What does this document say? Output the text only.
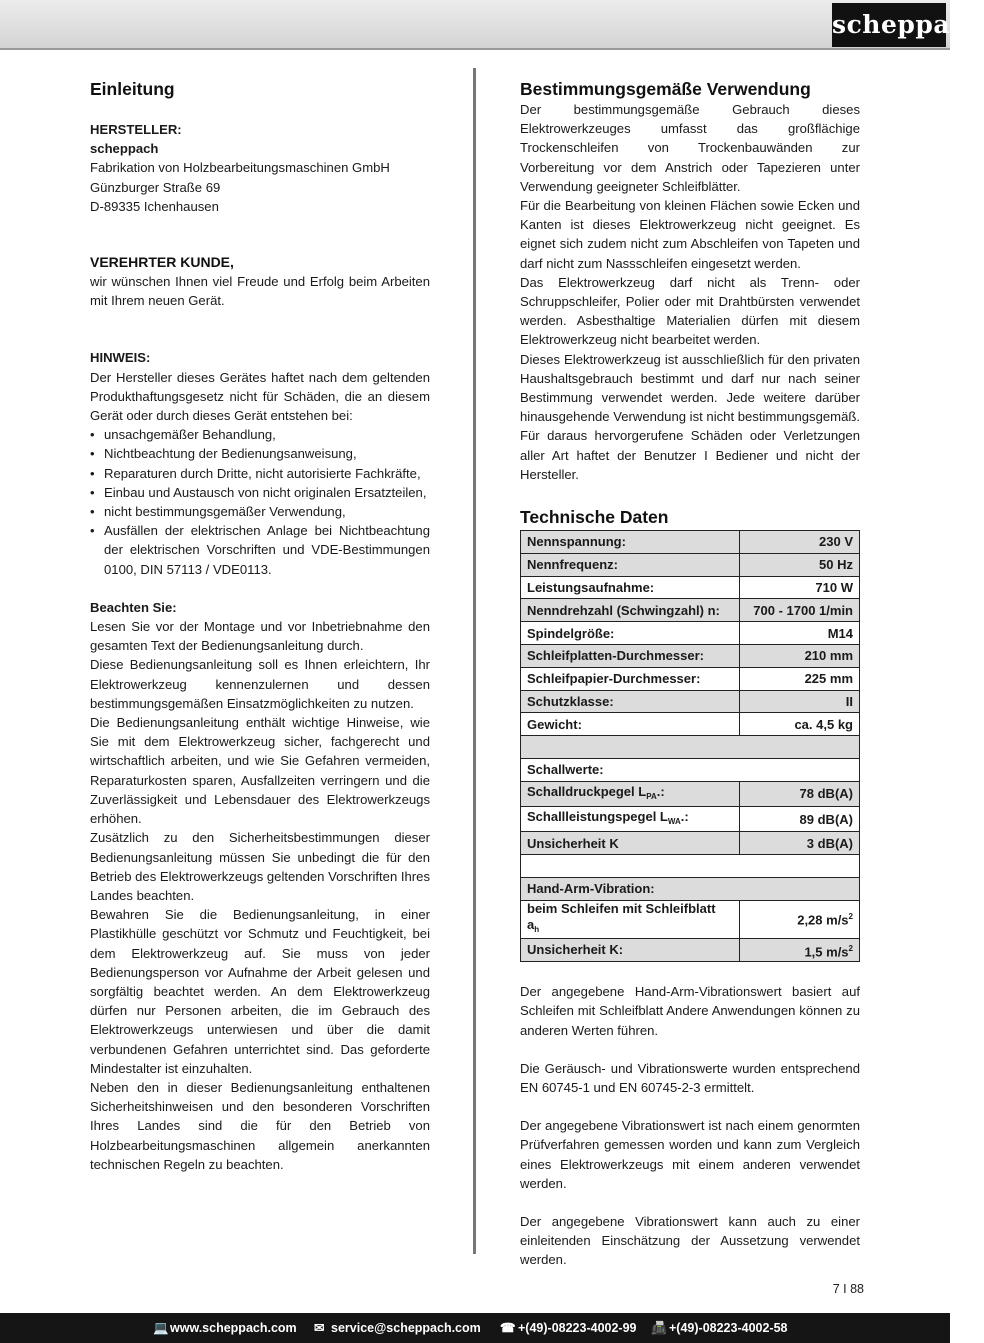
scheppach
Einleitung

HERSTELLER:

scheppach

Fabrikation von Holzbearbeitungsmaschinen GmbH

Günzburger Straße 69

D-89335 Ichenhausen

VEREHRTER KUNDE,

wir wünschen Ihnen viel Freude und Erfolg beim Arbeiten mit Ihrem neuen Gerät.

HINWEIS:

Der Hersteller dieses Gerätes haftet nach dem geltenden Produkthaftungsgesetz nicht für Schäden, die an diesem Gerät oder durch dieses Gerät entstehen bei:

• unsachgemäßer Behandlung,
• Nichtbeachtung der Bedienungsanweisung,
• Reparaturen durch Dritte, nicht autorisierte Fachkräfte,
• Einbau und Austausch von nicht originalen Ersatzteilen,
• nicht bestimmungsgemäßer Verwendung,
• Ausfällen der elektrischen Anlage bei Nichtbeachtung der elektrischen Vorschriften und VDE-Bestimmungen 0100, DIN 57113 / VDE0113.

Beachten Sie:

Lesen Sie vor der Montage und vor Inbetriebnahme den gesamten Text der Bedienungsanleitung durch.

Diese Bedienungsanleitung soll es Ihnen erleichtern, Ihr Elektrowerkzeug kennenzulernen und dessen bestimmungsgemäßen Einsatzmöglichkeiten zu nutzen.

Die Bedienungsanleitung enthält wichtige Hinweise, wie Sie mit dem Elektrowerkzeug sicher, fachgerecht und wirtschaftlich arbeiten, und wie Sie Gefahren vermeiden, Reparaturkosten sparen, Ausfallzeiten verringern und die Zuverlässigkeit und Lebensdauer des Elektrowerkzeugs erhöhen.

Zusätzlich zu den Sicherheitsbestimmungen dieser Bedienungsanleitung müssen Sie unbedingt die für den Betrieb des Elektrowerkzeugs geltenden Vorschriften Ihres Landes beachten.

Bewahren Sie die Bedienungsanleitung, in einer Plastikhülle geschützt vor Schmutz und Feuchtigkeit, bei dem Elektrowerkzeug auf. Sie muss von jeder Bedienungsperson vor Aufnahme der Arbeit gelesen und sorgfältig beachtet werden. An dem Elektrowerkzeug dürfen nur Personen arbeiten, die im Gebrauch des Elektrowerkzeugs unterwiesen und über die damit verbundenen Gefahren unterrichtet sind. Das geforderte Mindestalter ist einzuhalten.

Neben den in dieser Bedienungsanleitung enthaltenen Sicherheitshinweisen und den besonderen Vorschriften Ihres Landes sind die für den Betrieb von Holzbearbeitungsmaschinen allgemein anerkannten technischen Regeln zu beachten.

Bestimmungsgemäße Verwendung

Der bestimmungsgemäße Gebrauch dieses Elektrowerkzeuges umfasst das großflächige Trockenschleifen von Trockenbauwänden zur Vorbereitung vor dem Anstrich oder Tapezieren unter Verwendung geeigneter Schleifblätter.

Für die Bearbeitung von kleinen Flächen sowie Ecken und Kanten ist dieses Elektrowerkzeug nicht geeignet. Es eignet sich zudem nicht zum Abschleifen von Tapeten und darf nicht zum Nassschleifen eingesetzt werden.

Das Elektrowerkzeug darf nicht als Trenn- oder Schruppschleifer, Polier oder mit Drahtbürsten verwendet werden. Asbesthaltige Materialien dürfen mit diesem Elektrowerkzeug nicht bearbeitet werden.

Dieses Elektrowerkzeug ist ausschließlich für den privaten Haushaltsgebrauch bestimmt und darf nur nach seiner Bestimmung verwendet werden. Jede weitere darüber hinausgehende Verwendung ist nicht bestimmungsgemäß. Für daraus hervorgerufene Schäden oder Verletzungen aller Art haftet der Benutzer I Bediener und nicht der Hersteller.

Technische Daten
Nennspannung:	230 V
Nennfrequenz:	50 Hz
Leistungsaufnahme:	710 W
Nenndrehzahl (Schwingzahl) n:	700 - 1700 1/min
Spindelgröße:	M14
Schleifplatten-Durchmesser:	210 mm
Schleifpapier-Durchmesser:	225 mm
Schutzklasse:	II
Gewicht:	ca. 4,5 kg

Schallwerte:	
Schalldruckpegel $L_{PA}$.:	78 dB(A)
Schallleistungspegel $L_{WA}$.:	89 dB(A)
Unsicherheit K	3 dB(A)

Hand-Arm-Vibration:	
beim Schleifen mit Schleifblatt
$a_h$	2,28 $m/s^2$
Unsicherheit K:	1,5 $m/s^2$

Der angegebene Hand-Arm-Vibrationswert basiert auf Schleifen mit Schleifblatt Andere Anwendungen können zu anderen Werten führen.

Die Geräusch- und Vibrationswerte wurden entsprechend EN 60745-1 und EN 60745-2-3 ermittelt.

Der angegebene Vibrationswert ist nach einem genormten Prüfverfahren gemessen worden und kann zum Vergleich eines Elektrowerkzeugs mit einem anderen verwendet werden.

Der angegebene Vibrationswert kann auch zu einer einleitenden Einschätzung der Aussetzung verwendet werden.

7 I 88
💻 www.scheppach.com ✉ service@scheppach.com ☎ +(49)-08223-4002-99 📠 +(49)-08223-4002-58
